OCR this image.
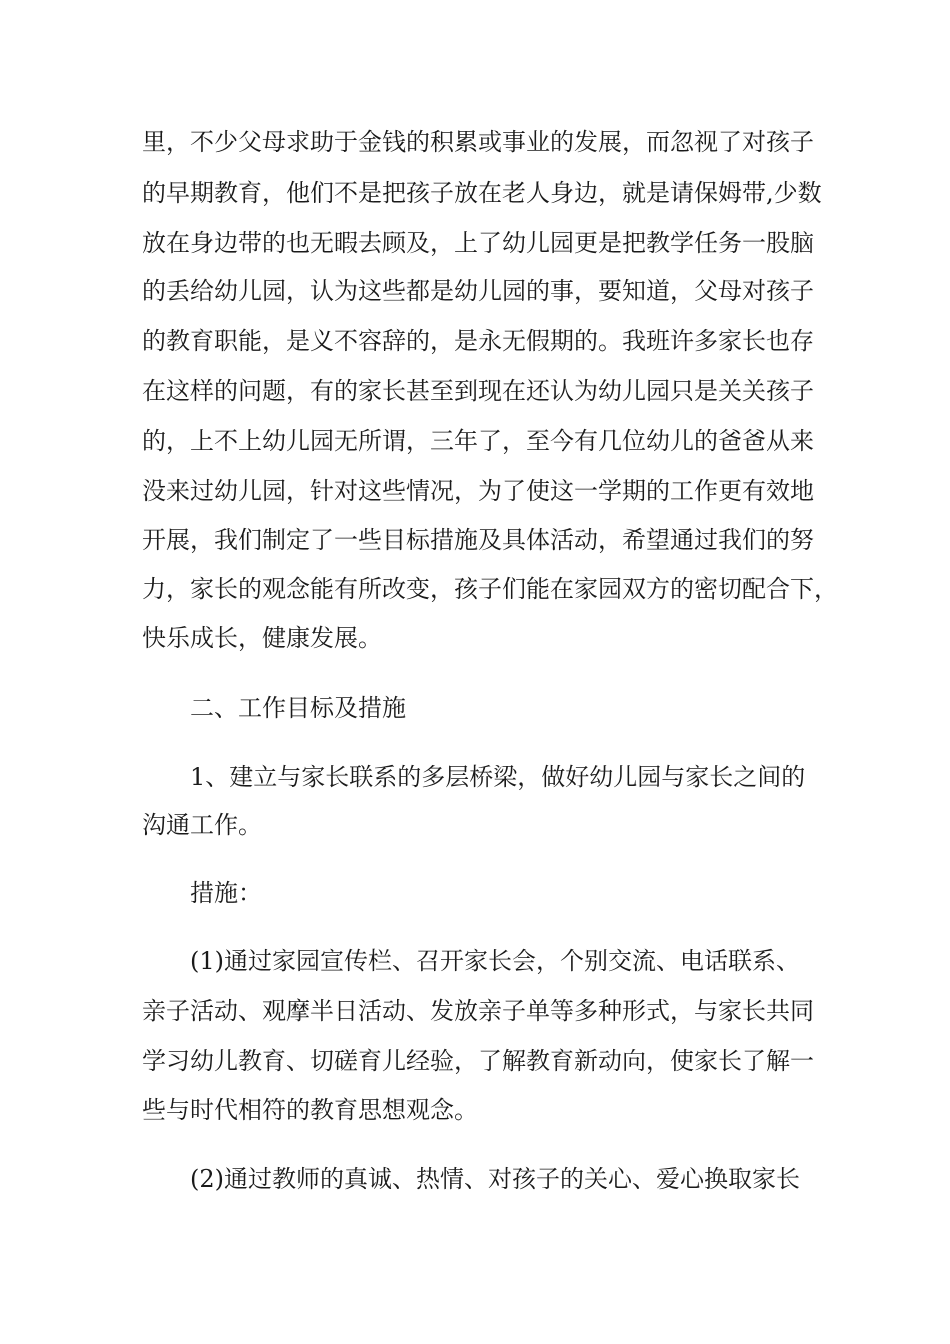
里，不少父母求助于金钱的积累或事业的发展，而忽视了对孩子
的早期教育，他们不是把孩子放在老人身边，就是请保姆带,少数
放在身边带的也无暇去顾及，上了幼儿园更是把教学任务一股脑
的丢给幼儿园，认为这些都是幼儿园的事，要知道，父母对孩子
的教育职能，是义不容辞的，是永无假期的。我班许多家长也存
在这样的问题，有的家长甚至到现在还认为幼儿园只是关关孩子
的，上不上幼儿园无所谓，三年了，至今有几位幼儿的爸爸从来
没来过幼儿园，针对这些情况，为了使这一学期的工作更有效地
开展，我们制定了一些目标措施及具体活动，希望通过我们的努
力，家长的观念能有所改变，孩子们能在家园双方的密切配合下，
快乐成长，健康发展。
二、工作目标及措施
1、建立与家长联系的多层桥梁，做好幼儿园与家长之间的
沟通工作。
措施：
(1)通过家园宣传栏、召开家长会，个别交流、电话联系、
亲子活动、观摩半日活动、发放亲子单等多种形式，与家长共同
学习幼儿教育、切磋育儿经验，了解教育新动向，使家长了解一
些与时代相符的教育思想观念。
(2)通过教师的真诚、热情、对孩子的关心、爱心换取家长
